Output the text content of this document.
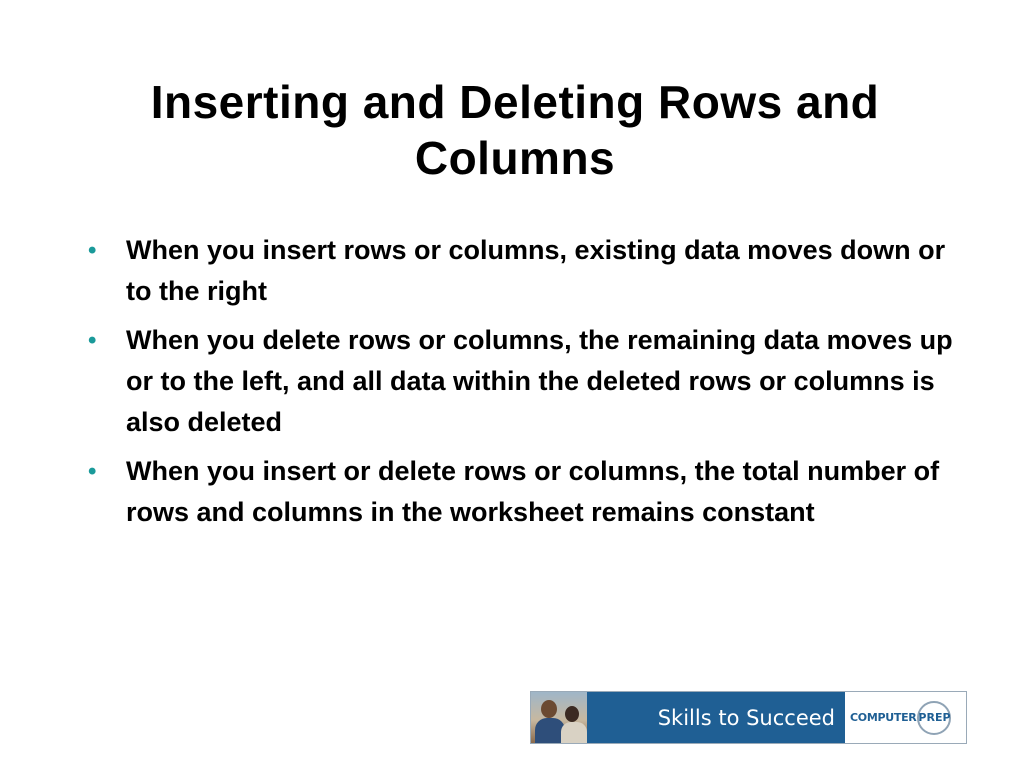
Inserting and Deleting Rows and Columns
• When you insert rows or columns, existing data moves down or to the right
• When you delete rows or columns, the remaining data moves up or to the left, and all data within the deleted rows or columns is also deleted
• When you insert or delete rows or columns, the total number of rows and columns in the worksheet remains constant
Skills to Succeed COMPUTER PREP
